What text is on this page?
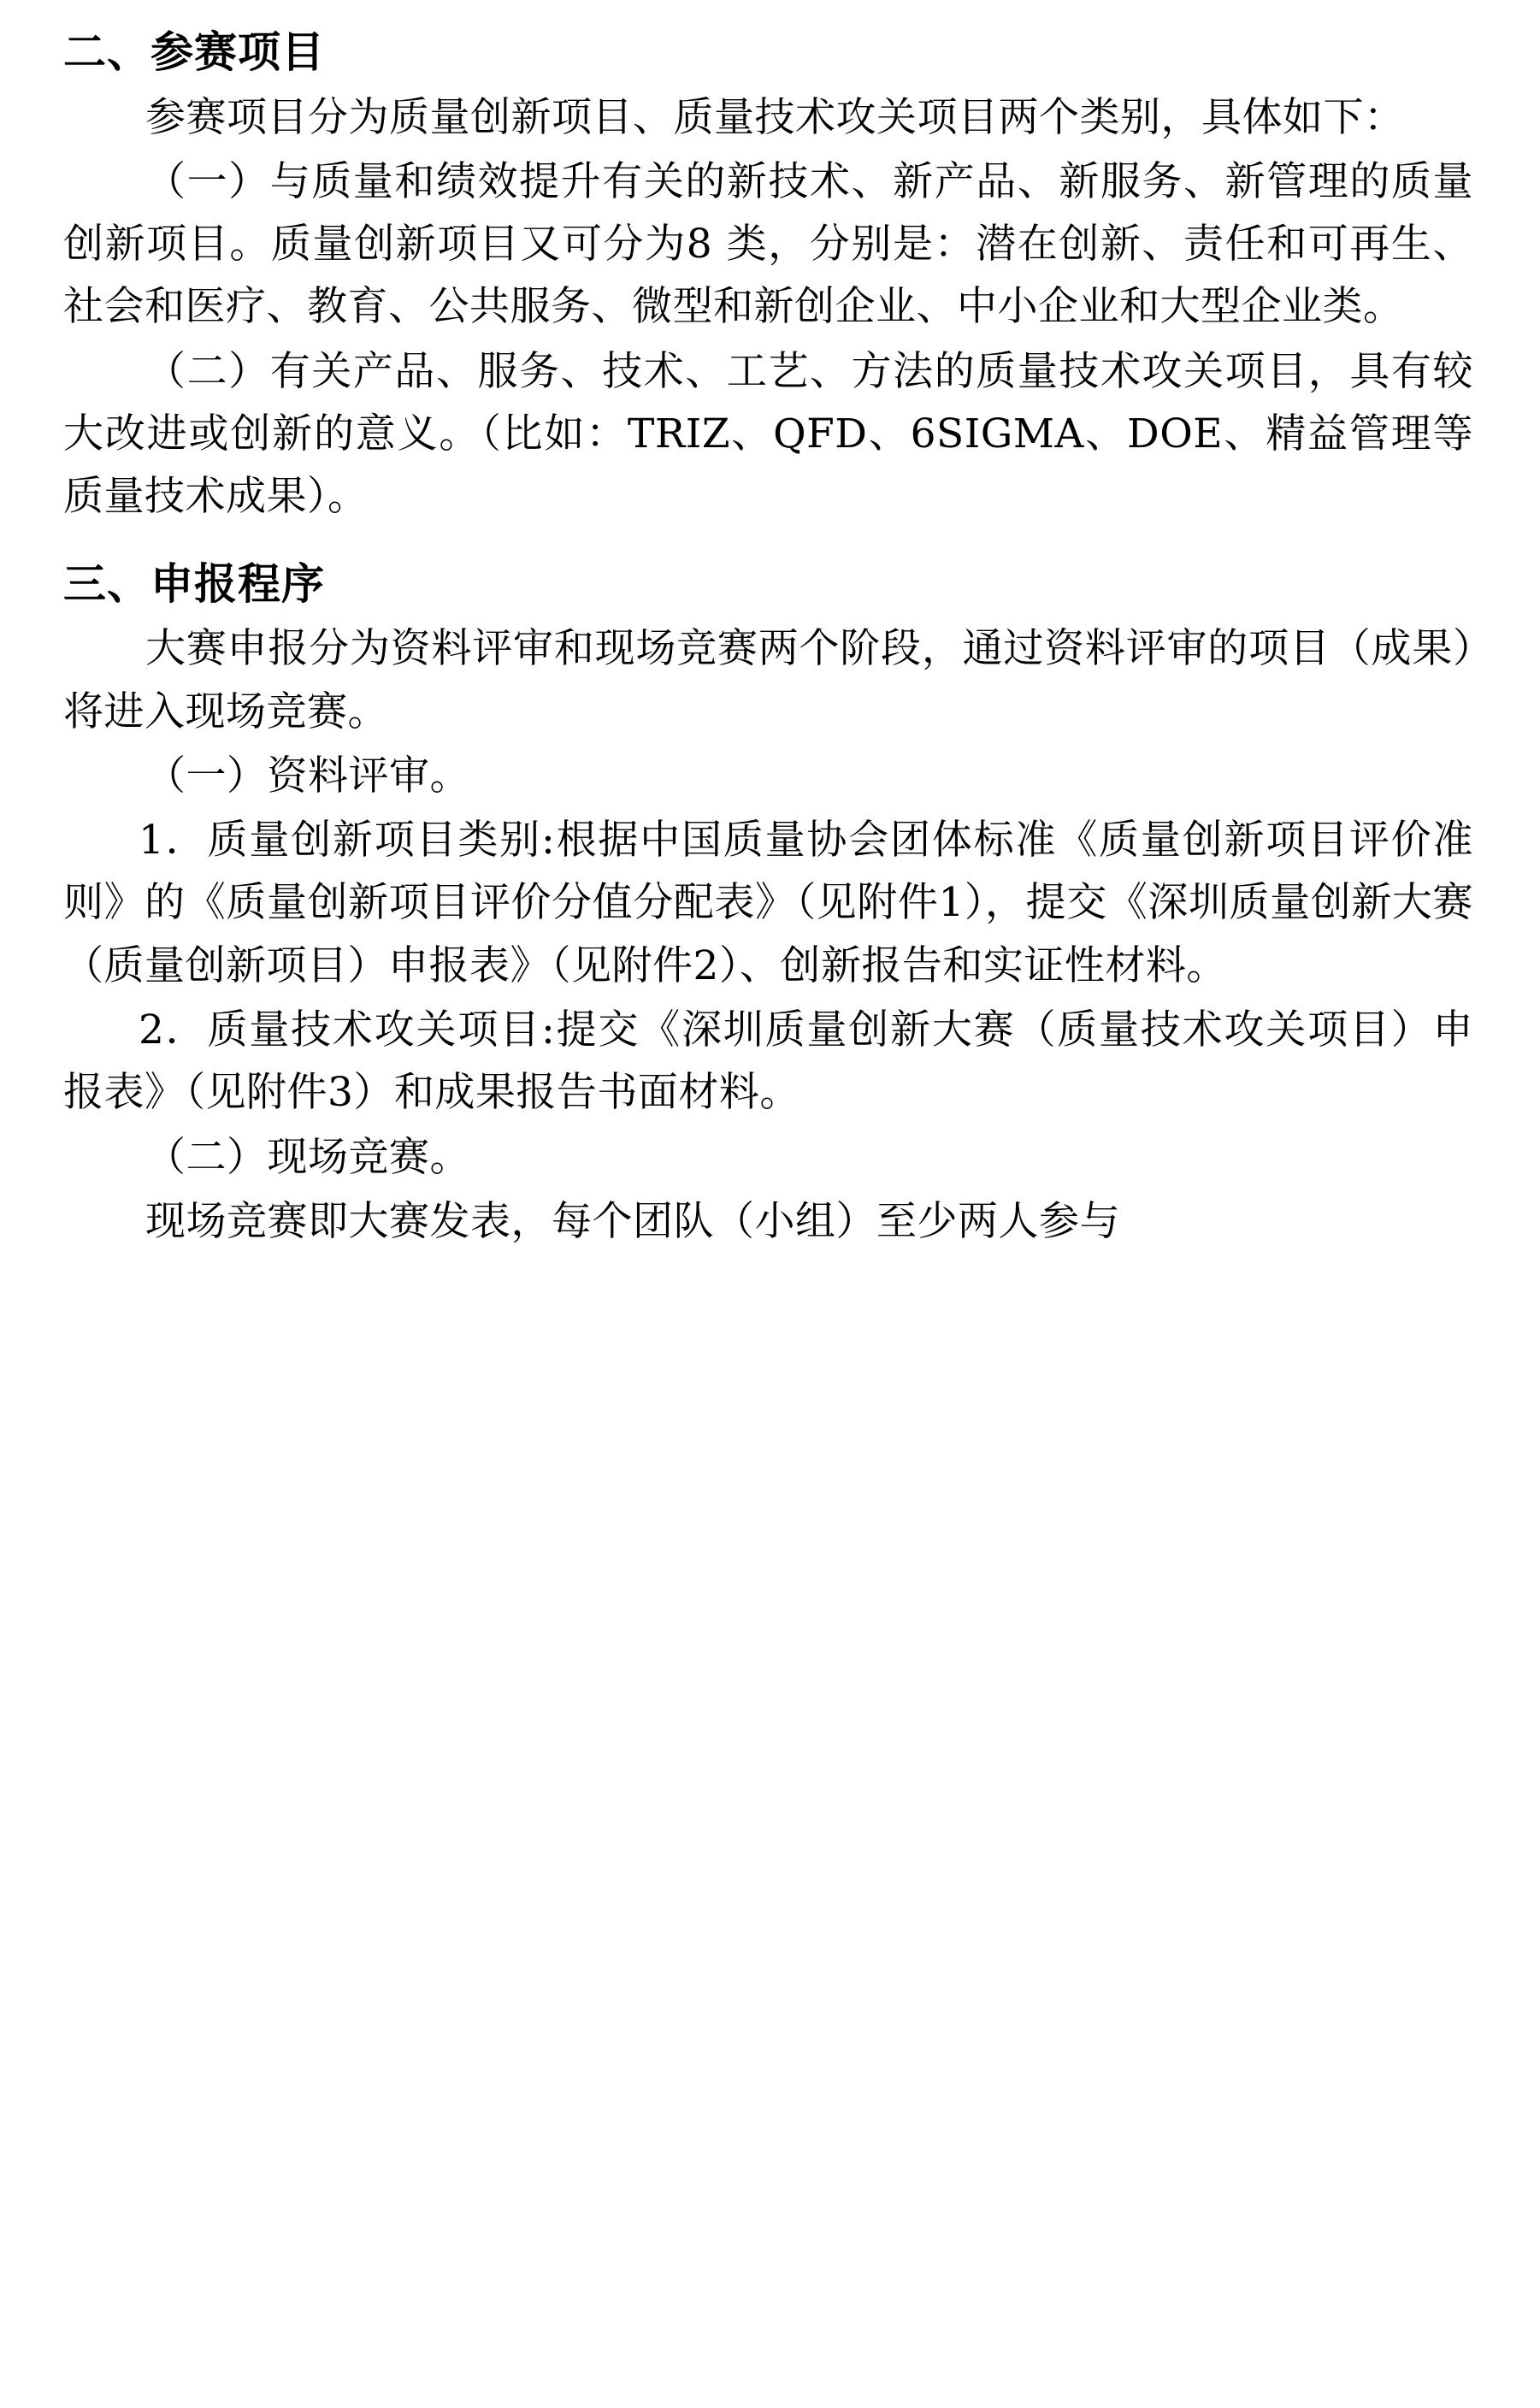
二、参赛项目

参赛项目分为质量创新项目、质量技术攻关项目两个类别，具体如下：

（一）与质量和绩效提升有关的新技术、新产品、新服务、新管理的质量创新项目。质量创新项目又可分为8 类，分别是：潜在创新、责任和可再生、社会和医疗、教育、公共服务、微型和新创企业、中小企业和大型企业类。

（二）有关产品、服务、技术、工艺、方法的质量技术攻关项目，具有较大改进或创新的意义。（比如：TRIZ、QFD、6SIGMA、DOE、精益管理等质量技术成果）。

三、申报程序

大赛申报分为资料评审和现场竞赛两个阶段，通过资料评审的项目（成果）将进入现场竞赛。

（一）资料评审。

1．质量创新项目类别:根据中国质量协会团体标准《质量创新项目评价准则》的《质量创新项目评价分值分配表》（见附件1），提交《深圳质量创新大赛（质量创新项目）申报表》（见附件2）、创新报告和实证性材料。

2．质量技术攻关项目:提交《深圳质量创新大赛（质量技术攻关项目）申报表》（见附件3）和成果报告书面材料。

（二）现场竞赛。

现场竞赛即大赛发表，每个团队（小组）至少两人参与
